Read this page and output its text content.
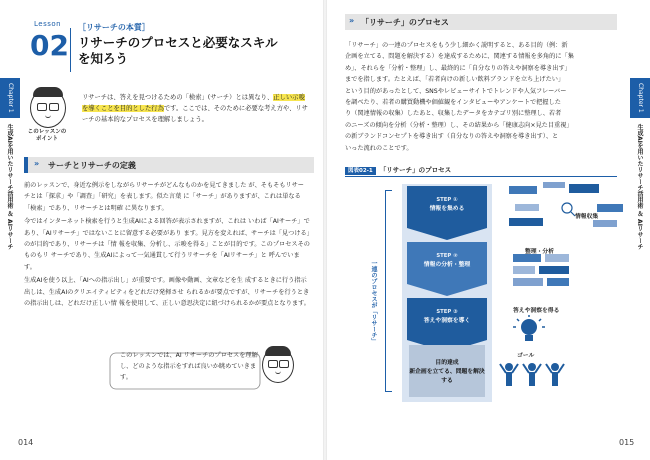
Lesson
02
［リサーチの本質］
リサーチのプロセスと必要なスキル
を知ろう
このレッスンの
ポイント
リサーチは、答えを見つけるための「検索」(サーチ）とは異なり、正しい示唆を導くことを目的とした行為です。ここでは、そのために必要な考え方や、リサーチの基本的なプロセスを理解しましょう。
» サーチとリサーチの定義

前のレッスンで、身近な例示をしながらリサーチがどんなものかを見てきました が、そもそもリサーチとは「探求」や「調査」「研究」を表します。似た言葉 に「サーチ」がありますが、これは単なる「検索」であり、リサーチとは明確 に異なります。

今ではインターネット検索を行うと生成AIによる回答が表示されますが、これは いわば「AIサーチ」であり、「AIリサーチ」ではないことに留意する必要があり ます。見方を変えれば、サーチは「見つける」のが目的であり、リサーチは「情 報を収集、分析し、示唆を得る」ことが目的です。このプロセスそのものもリ サーチであり、生成AIによって一気通貫して行うリサーチを「AIリサーチ」と 呼んでいます。

生成AIを使う以上、「AIへの指示出し」が重要です。画像や動画、文章などを生 成するときに行う指示出しは、生成AIのクリエイティビティをどれだけ発揮させ られるかが要点ですが、リサーチを行うときの指示出しは、どれだけ正しい情 報を使用して、正しい意思決定に紐づけられるかが要点となります。

このレッスンでは、AI リサーチのプロセスを理解し、どのような指示をすれば良いか眺めていきます。
014
Chapter 1
生成AIを用いたリサーチ活用術 ＆ AIリサーチ
» 「リサーチ」のプロセス
「リサーチ」の一連のプロセスをもう少し細かく説明すると、ある目的（例：新
企画を立てる、問題を解決する）を達成するために、関連する情報を多角的に「集
め」、それらを「分析・整理」し、最終的に「自分なりの答えや洞察を導き出す」
までを指します。たとえば、「若者向けの新しい飲料ブランドを立ち上げたい」
という目的があったとして、SNSやレビューサイトでトレンドや人気フレーバー
を調べたり、若者の購買動機や価値観をインタビューやアンケートで把握した
り（関連情報の収集）したあと、収集したデータをカテゴリ別に整理し、若者
のニーズの傾向を分析（分析・整理）し、その結果から「健康志向×見た目重視」
の新ブランドコンセプトを導き出す（自分なりの答えや洞察を導き出す）、と
いった流れのことです。
図表02-1 「リサーチ」のプロセス
一連のプロセスが「リサーチ」
STEP ①
情報を集める
STEP ②
情報の分析・整理
STEP ③
答えや洞察を導く
目的達成
新企画を立てる、問題を解決する
情報収集
整理・分析
答えや洞察を得る
ゴール
015
Chapter 1
生成AIを用いたリサーチ活用術 ＆ AIリサーチ
